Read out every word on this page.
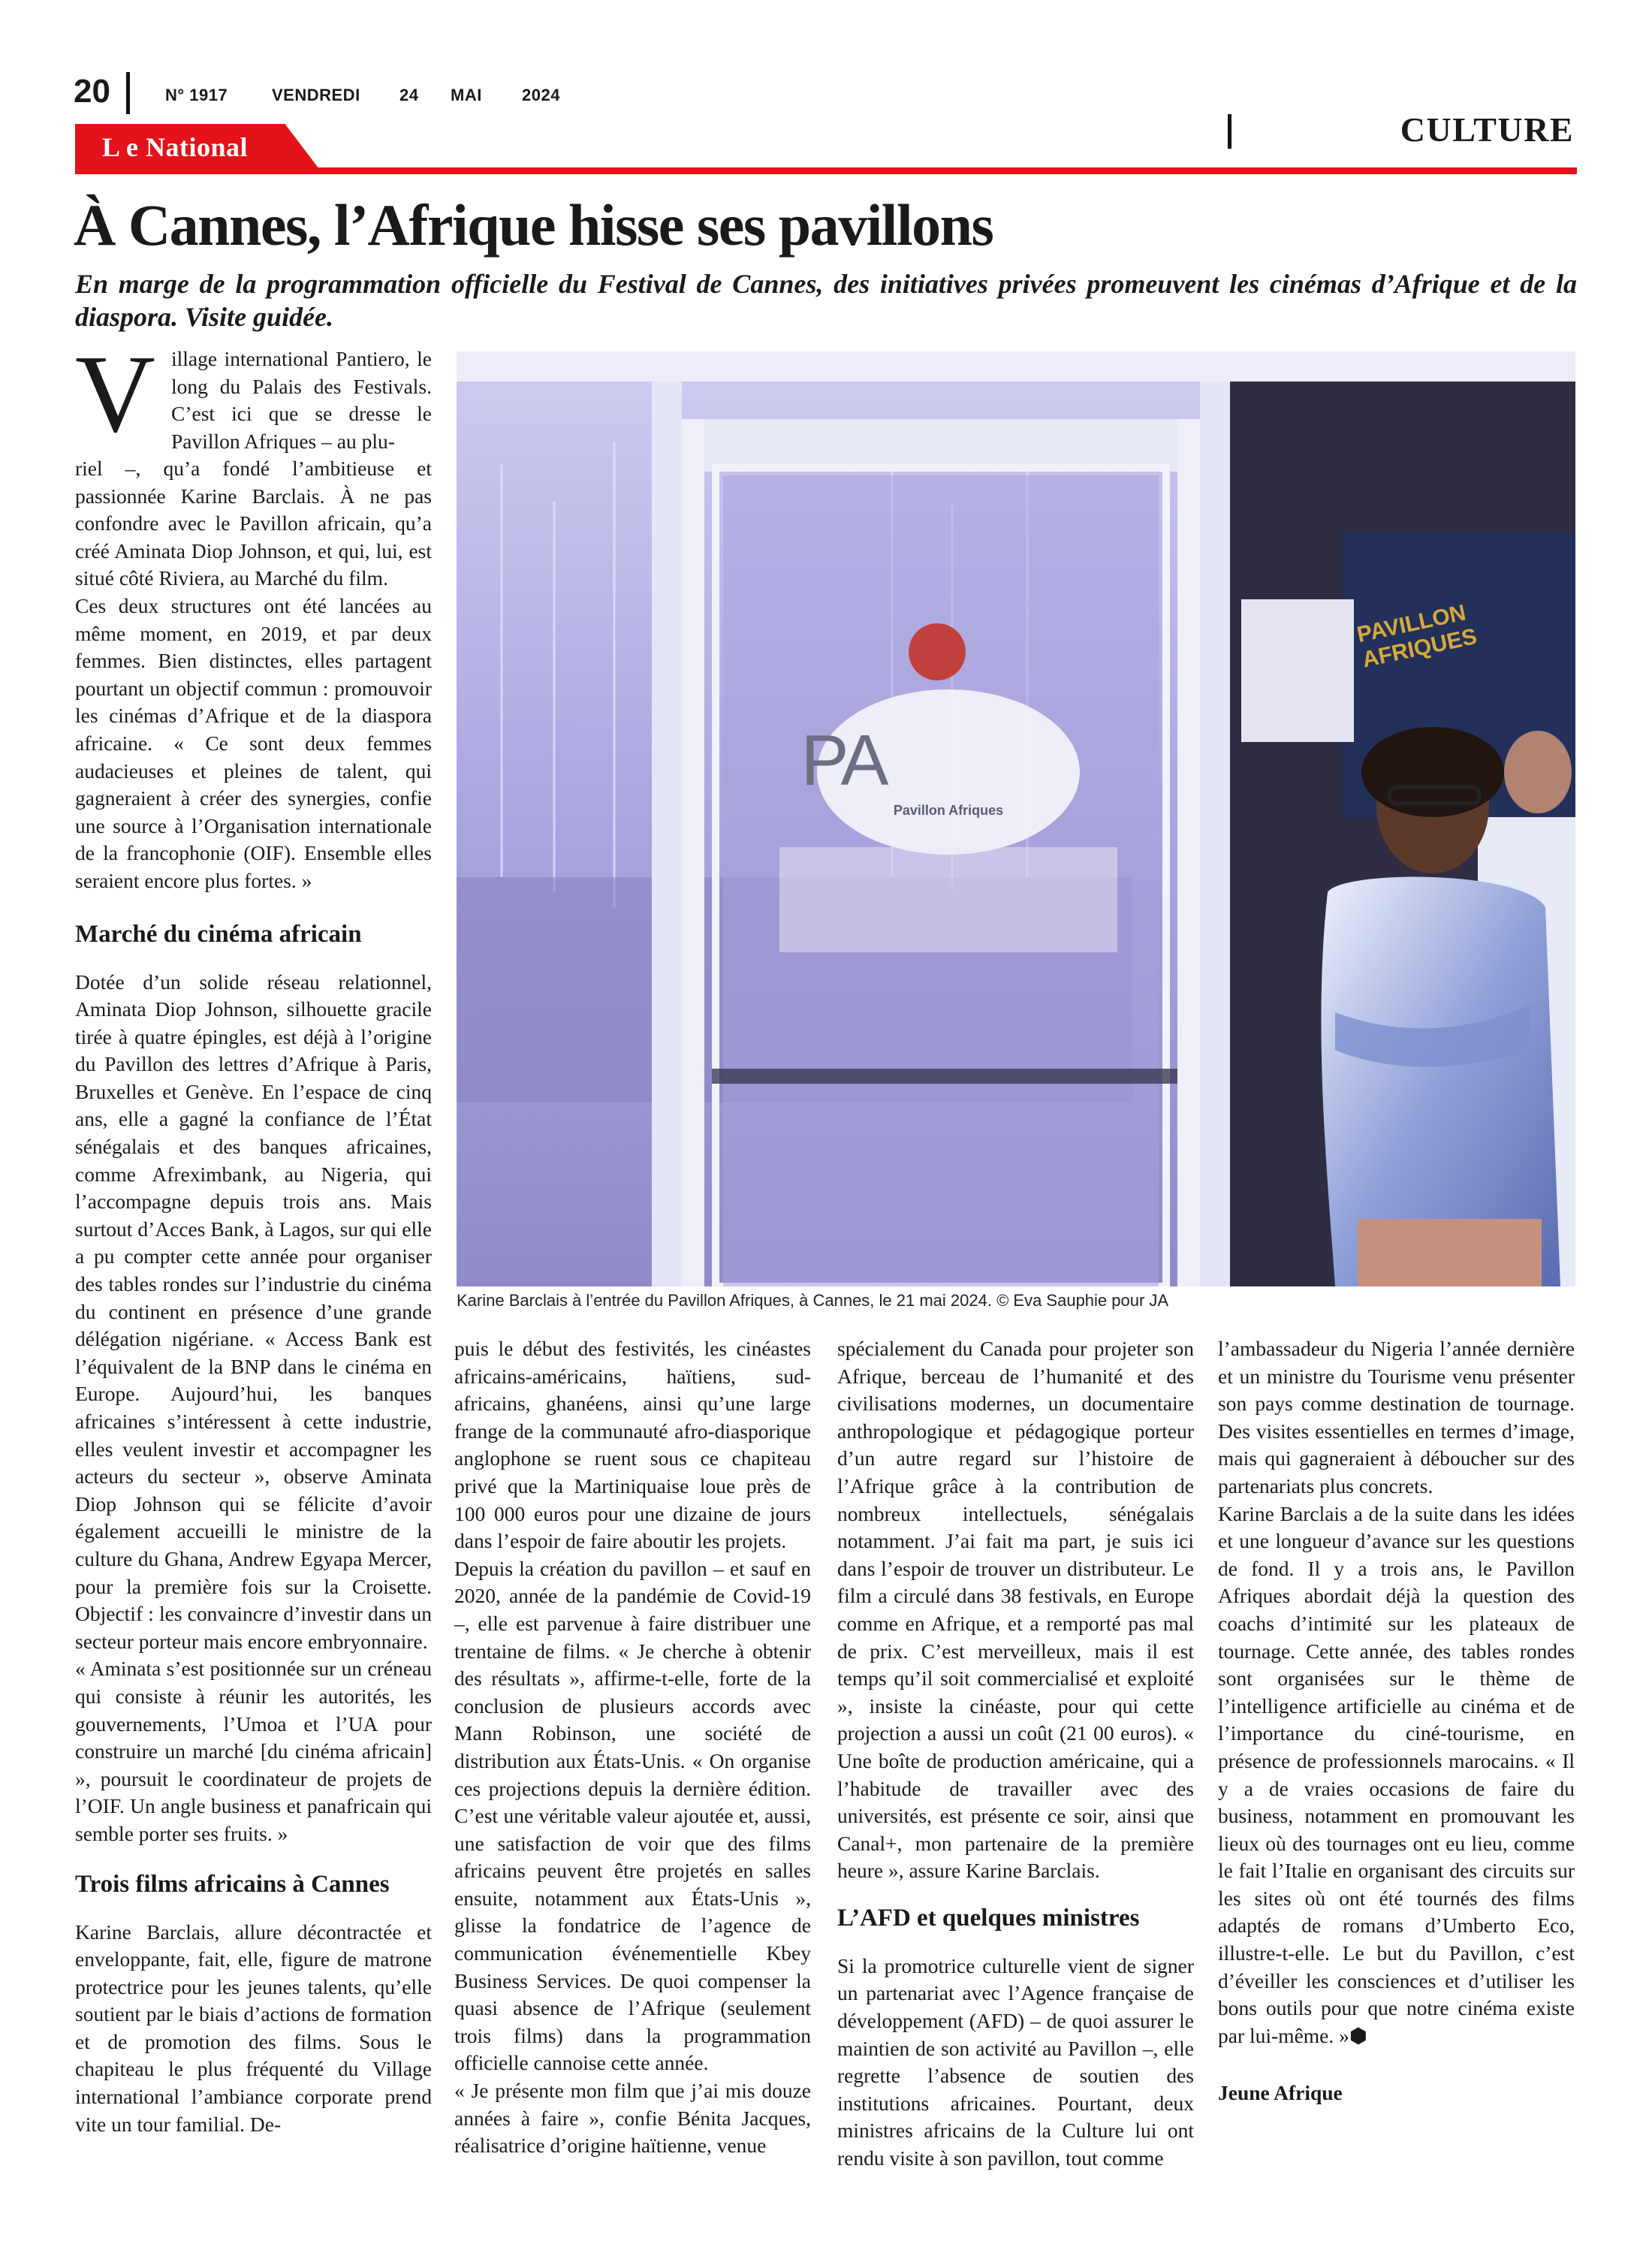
20	N° 1917	VENDREDI 24 MAI 2024
CULTURE
L e National
À Cannes, l’Afrique hisse ses pavillons
En marge de la programmation officielle du Festival de Cannes, des initiatives privées promeuvent les cinémas d’Afrique et de la diaspora. Visite guidée.
V illage international Pantiero, le long du Palais des Festivals. C’est ici que se dresse le Pavillon Afriques – au plu-

riel –, qu’a fondé l’ambitieuse et passionnée Karine Barclais. À ne pas confondre avec le Pavillon africain, qu’a créé Aminata Diop Johnson, et qui, lui, est situé côté Riviera, au Marché du film.

Ces deux structures ont été lancées au même moment, en 2019, et par deux femmes. Bien distinctes, elles partagent pourtant un objectif commun : promouvoir les cinémas d’Afrique et de la diaspora africaine. « Ce sont deux femmes audacieuses et pleines de talent, qui gagneraient à créer des synergies, confie une source à l’Organisation internationale de la francophonie (OIF). Ensemble elles seraient encore plus fortes. »

Marché du cinéma africain

Dotée d’un solide réseau relationnel, Aminata Diop Johnson, silhouette gracile tirée à quatre épingles, est déjà à l’origine du Pavillon des lettres d’Afrique à Paris, Bruxelles et Genève. En l’espace de cinq ans, elle a gagné la confiance de l’État sénégalais et des banques africaines, comme Afreximbank, au Nigeria, qui l’accompagne depuis trois ans. Mais surtout d’Acces Bank, à Lagos, sur qui elle a pu compter cette année pour organiser des tables rondes sur l’industrie du cinéma du continent en présence d’une grande délégation nigériane. « Access Bank est l’équivalent de la BNP dans le cinéma en Europe. Aujourd’hui, les banques africaines s’intéressent à cette industrie, elles veulent investir et accompagner les acteurs du secteur », observe Aminata Diop Johnson qui se félicite d’avoir également accueilli le ministre de la culture du Ghana, Andrew Egyapa Mercer, pour la première fois sur la Croisette. Objectif : les convaincre d’investir dans un secteur porteur mais encore embryonnaire.

« Aminata s’est positionnée sur un créneau qui consiste à réunir les autorités, les gouvernements, l’Umoa et l’UA pour construire un marché [du cinéma africain] », poursuit le coordinateur de projets de l’OIF. Un angle business et panafricain qui semble porter ses fruits. »

Trois films africains à Cannes

Karine Barclais, allure décontractée et enveloppante, fait, elle, figure de matrone protectrice pour les jeunes talents, qu’elle soutient par le biais d’actions de formation et de promotion des films. Sous le chapiteau le plus fréquenté du Village international l’ambiance corporate prend vite un tour familial. De-

PA
Pavillon Afriques
PAVILLON AFRIQUES
Karine Barclais à l’entrée du Pavillon Afriques, à Cannes, le 21 mai 2024. © Eva Sauphie pour JA

puis le début des festivités, les cinéastes africains-américains, haïtiens, sud-africains, ghanéens, ainsi qu’une large frange de la communauté afro-diasporique anglophone se ruent sous ce chapiteau privé que la Martiniquaise loue près de 100 000 euros pour une dizaine de jours dans l’espoir de faire aboutir les projets.

Depuis la création du pavillon – et sauf en 2020, année de la pandémie de Covid-19 –, elle est parvenue à faire distribuer une trentaine de films. « Je cherche à obtenir des résultats », affirme-t-elle, forte de la conclusion de plusieurs accords avec Mann Robinson, une société de distribution aux États-Unis. « On organise ces projections depuis la dernière édition. C’est une véritable valeur ajoutée et, aussi, une satisfaction de voir que des films africains peuvent être projetés en salles ensuite, notamment aux États-Unis », glisse la fondatrice de l’agence de communication événementielle Kbey Business Services. De quoi compenser la quasi absence de l’Afrique (seulement trois films) dans la programmation officielle cannoise cette année.

« Je présente mon film que j’ai mis douze années à faire », confie Bénita Jacques, réalisatrice d’origine haïtienne, venue

spécialement du Canada pour projeter son Afrique, berceau de l’humanité et des civilisations modernes, un documentaire anthropologique et pédagogique porteur d’un autre regard sur l’histoire de l’Afrique grâce à la contribution de nombreux intellectuels, sénégalais notamment. J’ai fait ma part, je suis ici dans l’espoir de trouver un distributeur. Le film a circulé dans 38 festivals, en Europe comme en Afrique, et a remporté pas mal de prix. C’est merveilleux, mais il est temps qu’il soit commercialisé et exploité », insiste la cinéaste, pour qui cette projection a aussi un coût (21 00 euros). « Une boîte de production américaine, qui a l’habitude de travailler avec des universités, est présente ce soir, ainsi que Canal+, mon partenaire de la première heure », assure Karine Barclais.

L’AFD et quelques ministres

Si la promotrice culturelle vient de signer un partenariat avec l’Agence française de développement (AFD) – de quoi assurer le maintien de son activité au Pavillon –, elle regrette l’absence de soutien des institutions africaines. Pourtant, deux ministres africains de la Culture lui ont rendu visite à son pavillon, tout comme

l’ambassadeur du Nigeria l’année dernière et un ministre du Tourisme venu présenter son pays comme destination de tournage. Des visites essentielles en termes d’image, mais qui gagneraient à déboucher sur des partenariats plus concrets.

Karine Barclais a de la suite dans les idées et une longueur d’avance sur les questions de fond. Il y a trois ans, le Pavillon Afriques abordait déjà la question des coachs d’intimité sur les plateaux de tournage. Cette année, des tables rondes sont organisées sur le thème de l’intelligence artificielle au cinéma et de l’importance du ciné-tourisme, en présence de professionnels marocains. « Il y a de vraies occasions de faire du business, notamment en promouvant les lieux où des tournages ont eu lieu, comme le fait l’Italie en organisant des circuits sur les sites où ont été tournés des films adaptés de romans d’Umberto Eco, illustre-t-elle. Le but du Pavillon, c’est d’éveiller les consciences et d’utiliser les bons outils pour que notre cinéma existe par lui-même. »⬢

Jeune Afrique
